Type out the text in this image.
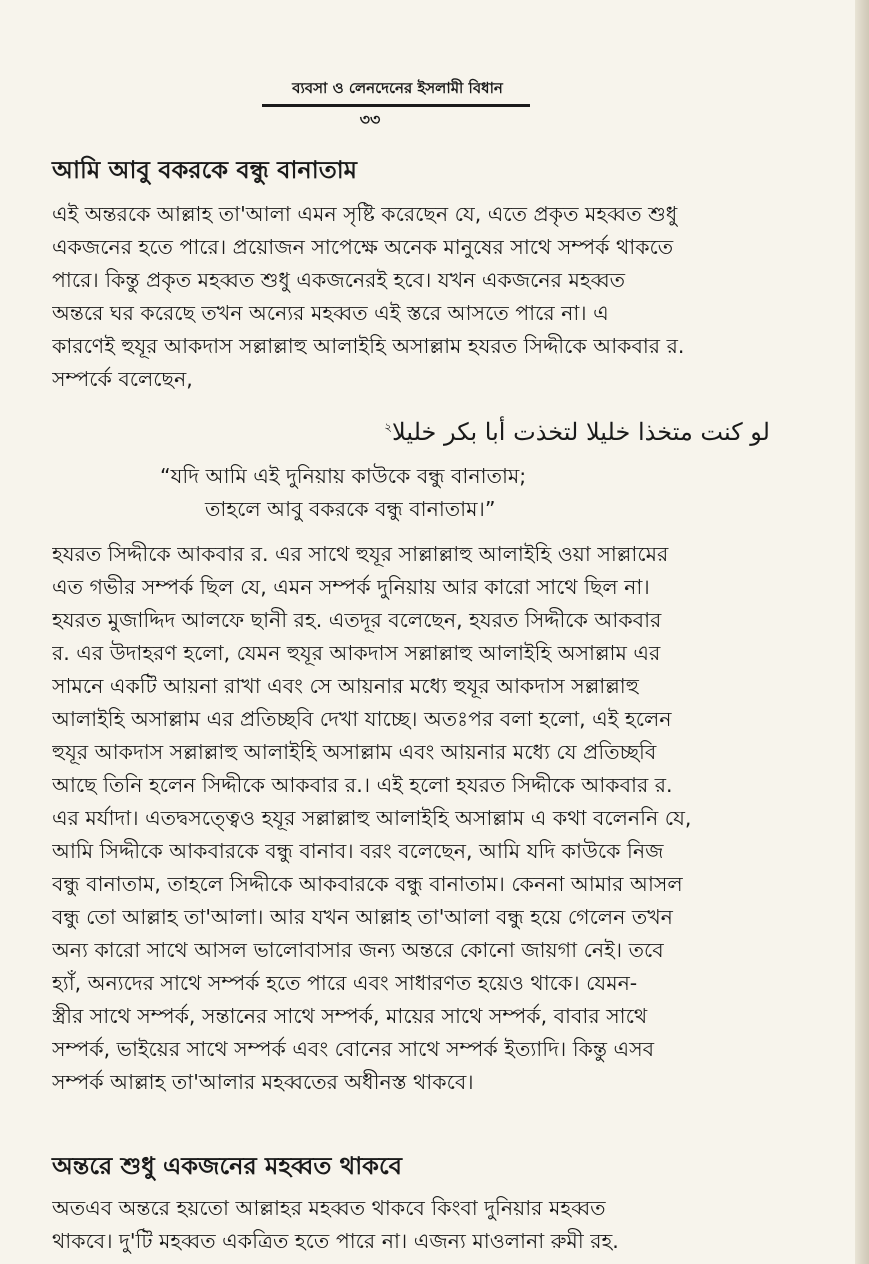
ব্যবসা ও লেনদেনের ইসলামী বিধান
৩৩
আমি আবু বকরকে বন্ধু বানাতাম
এই অন্তরকে আল্লাহ তা'আলা এমন সৃষ্টি করেছেন যে, এতে প্রকৃত মহব্বত শুধু
একজনের হতে পারে। প্রয়োজন সাপেক্ষে অনেক মানুষের সাথে সম্পর্ক থাকতে
পারে। কিন্তু প্রকৃত মহব্বত শুধু একজনেরই হবে। যখন একজনের মহব্বত
অন্তরে ঘর করেছে তখন অন্যের মহব্বত এই স্তরে আসতে পারে না। এ
কারণেই হুযূর আকদাস সল্লাল্লাহু আলাইহি অসাল্লাম হযরত সিদ্দীকে আকবার র.
সম্পর্কে বলেছেন,
لو كنت متخذا خليلا لتخذت أبا بكر خليلا$^২$
“যদি আমি এই দুনিয়ায় কাউকে বন্ধু বানাতাম;
তাহলে আবু বকরকে বন্ধু বানাতাম।”
হযরত সিদ্দীকে আকবার র. এর সাথে হুযূর সাল্লাল্লাহু আলাইহি ওয়া সাল্লামের
এত গভীর সম্পর্ক ছিল যে, এমন সম্পর্ক দুনিয়ায় আর কারো সাথে ছিল না।
হযরত মুজাদ্দিদ আলফে ছানী রহ. এতদূর বলেছেন, হযরত সিদ্দীকে আকবার
র. এর উদাহরণ হলো, যেমন হুযূর আকদাস সল্লাল্লাহু আলাইহি অসাল্লাম এর
সামনে একটি আয়না রাখা এবং সে আয়নার মধ্যে হুযূর আকদাস সল্লাল্লাহু
আলাইহি অসাল্লাম এর প্রতিচ্ছবি দেখা যাচ্ছে। অতঃপর বলা হলো, এই হলেন
হুযূর আকদাস সল্লাল্লাহু আলাইহি অসাল্লাম এবং আয়নার মধ্যে যে প্রতিচ্ছবি
আছে তিনি হলেন সিদ্দীকে আকবার র.। এই হলো হযরত সিদ্দীকে আকবার র.
এর মর্যাদা। এতদ্বসত্ত্বেও হযূর সল্লাল্লাহু আলাইহি অসাল্লাম এ কথা বলেননি যে,
আমি সিদ্দীকে আকবারকে বন্ধু বানাব। বরং বলেছেন, আমি যদি কাউকে নিজ
বন্ধু বানাতাম, তাহলে সিদ্দীকে আকবারকে বন্ধু বানাতাম। কেননা আমার আসল
বন্ধু তো আল্লাহ তা'আলা। আর যখন আল্লাহ তা'আলা বন্ধু হয়ে গেলেন তখন
অন্য কারো সাথে আসল ভালোবাসার জন্য অন্তরে কোনো জায়গা নেই। তবে
হ্যাঁ, অন্যদের সাথে সম্পর্ক হতে পারে এবং সাধারণত হয়েও থাকে। যেমন-
স্ত্রীর সাথে সম্পর্ক, সন্তানের সাথে সম্পর্ক, মায়ের সাথে সম্পর্ক, বাবার সাথে
সম্পর্ক, ভাইয়ের সাথে সম্পর্ক এবং বোনের সাথে সম্পর্ক ইত্যাদি। কিন্তু এসব
সম্পর্ক আল্লাহ তা'আলার মহব্বতের অধীনস্ত থাকবে।
অন্তরে শুধু একজনের মহব্বত থাকবে
অতএব অন্তরে হয়তো আল্লাহর মহব্বত থাকবে কিংবা দুনিয়ার মহব্বত
থাকবে। দু'টি মহব্বত একত্রিত হতে পারে না। এজন্য মাওলানা রুমী রহ.
